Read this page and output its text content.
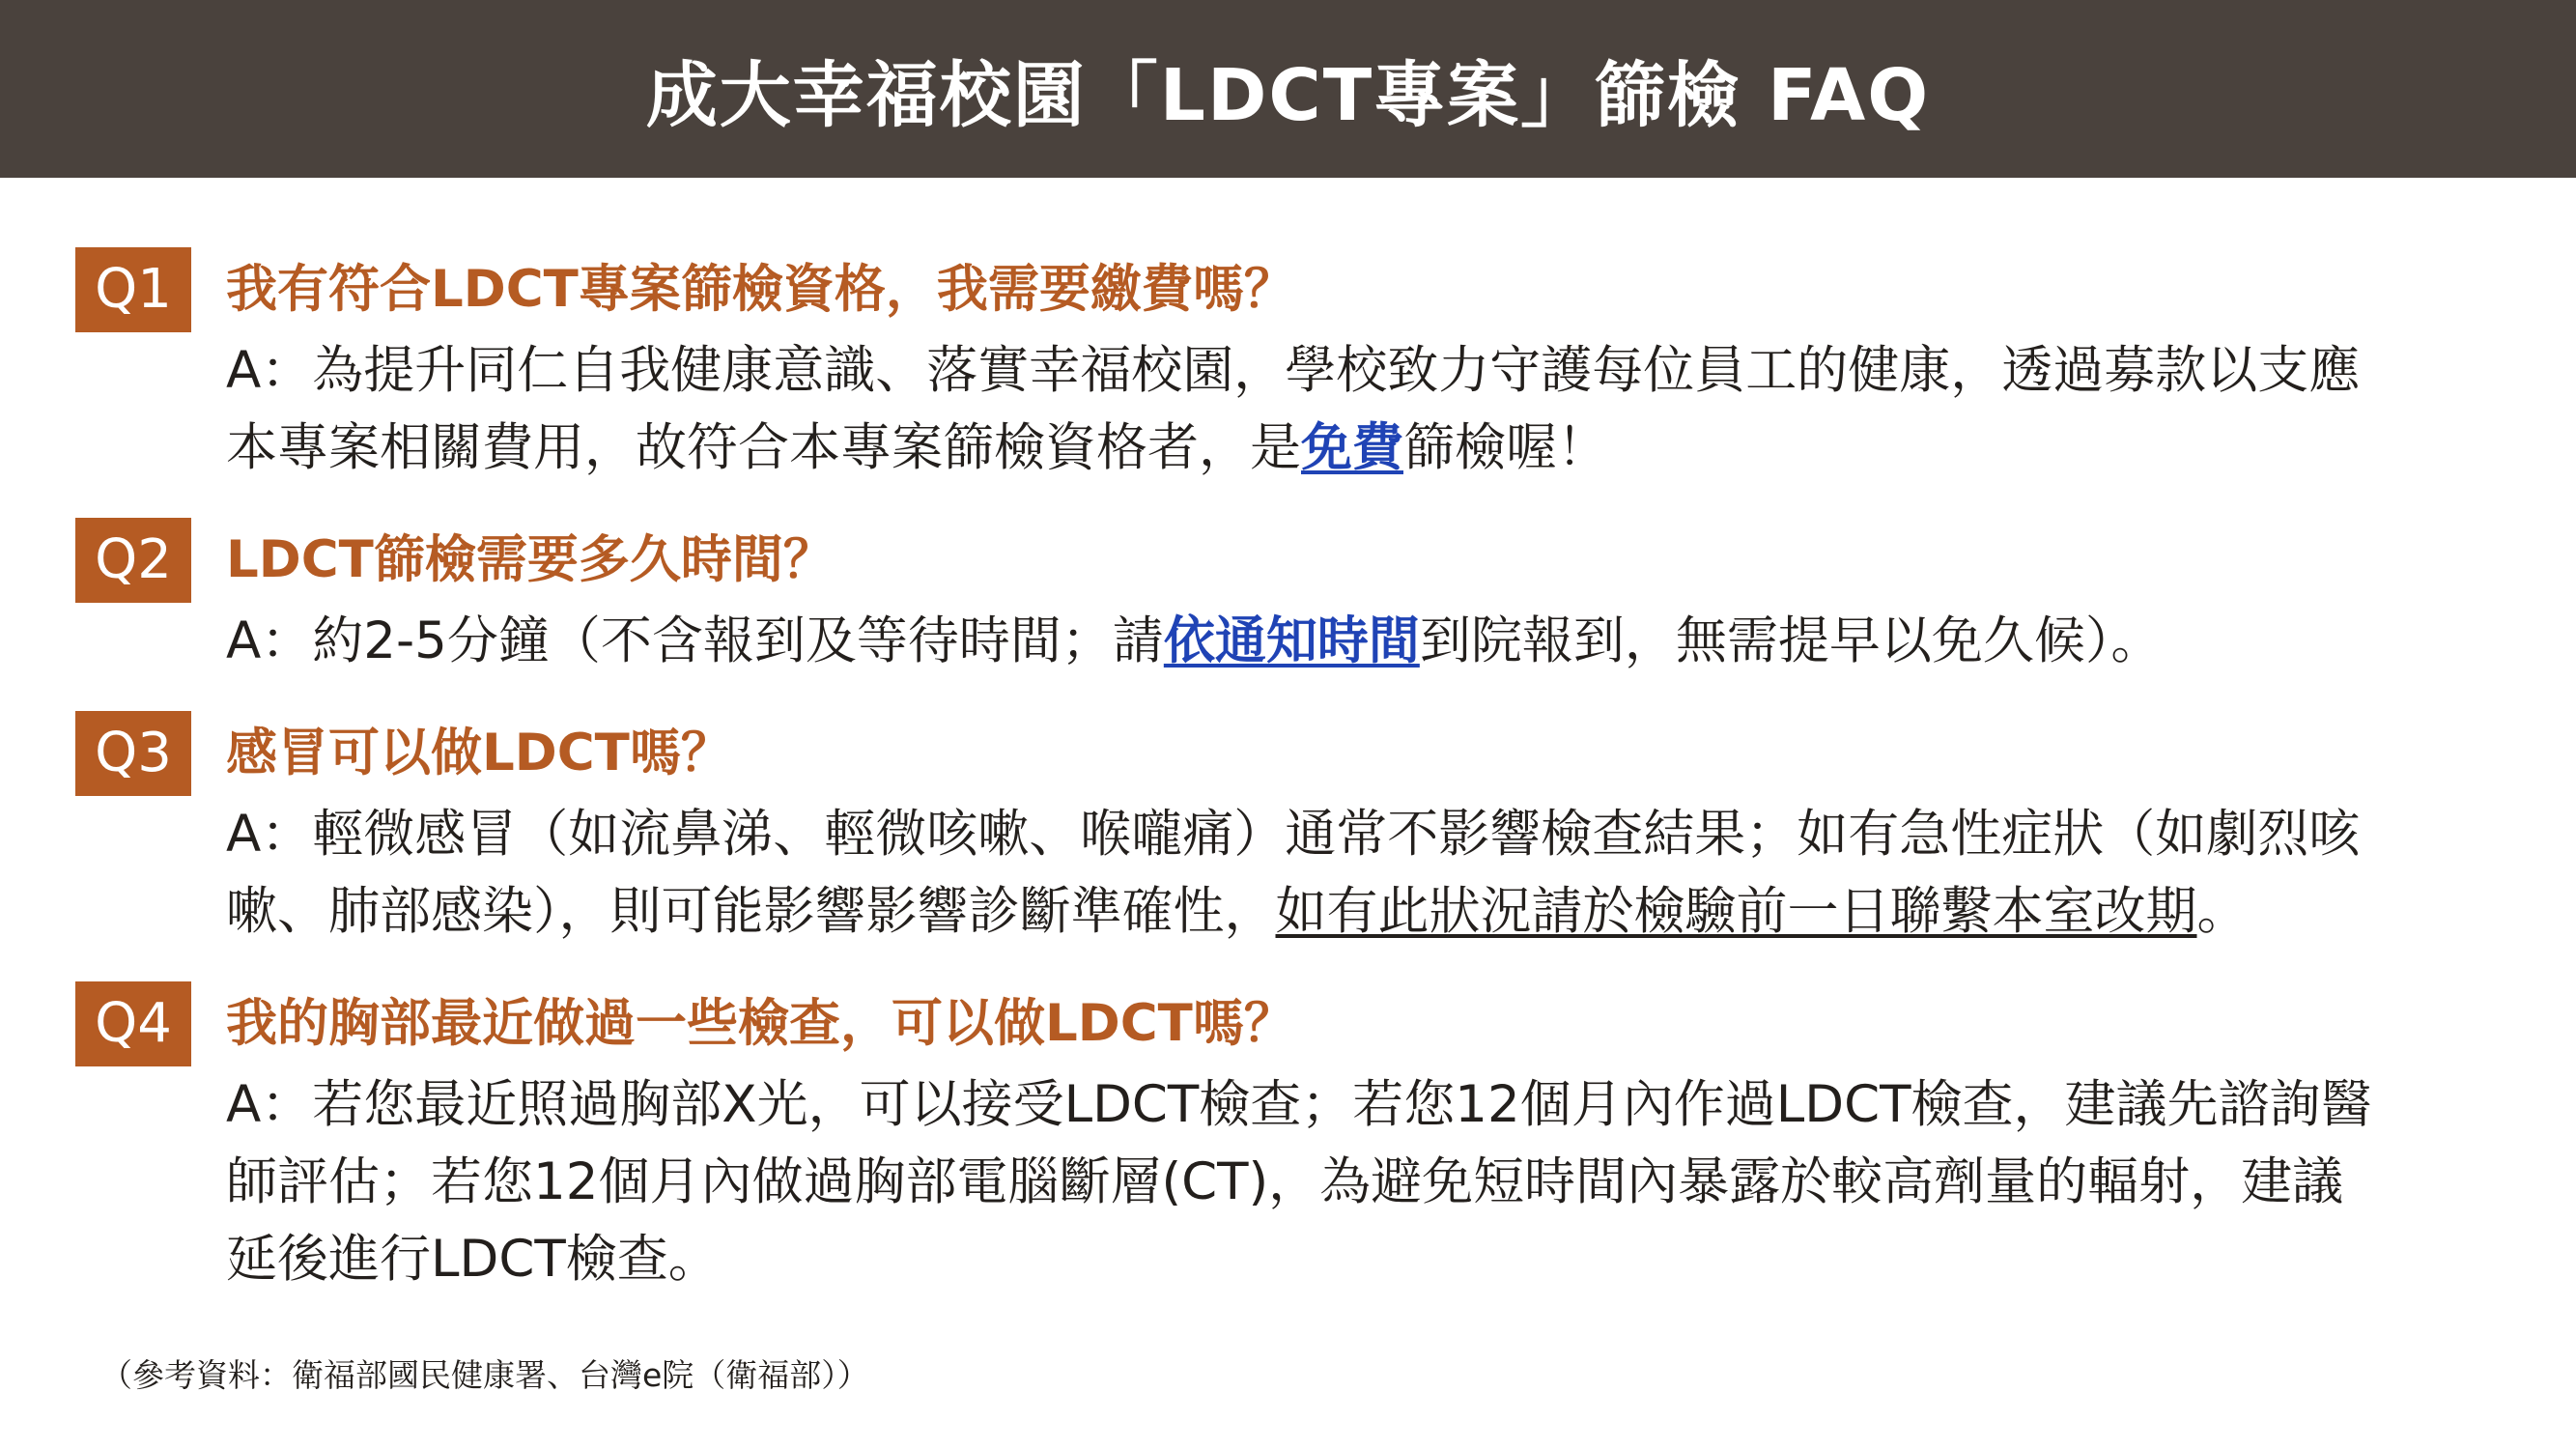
成大幸福校園「LDCT專案」篩檢 FAQ
Q1	我有符合LDCT專案篩檢資格，我需要繳費嗎？
A：為提升同仁自我健康意識、落實幸福校園，學校致力守護每位員工的健康，透過募款以支應
本專案相關費用，故符合本專案篩檢資格者，是免費篩檢喔！
Q2	LDCT篩檢需要多久時間？
A：約2-5分鐘（不含報到及等待時間；請依通知時間到院報到，無需提早以免久候）。
Q3	感冒可以做LDCT嗎？
A：輕微感冒（如流鼻涕、輕微咳嗽、喉嚨痛）通常不影響檢查結果；如有急性症狀（如劇烈咳
嗽、肺部感染），則可能影響影響診斷準確性，如有此狀況請於檢驗前一日聯繫本室改期。
Q4	我的胸部最近做過一些檢查，可以做LDCT嗎？
A：若您最近照過胸部X光，可以接受LDCT檢查；若您12個月內作過LDCT檢查，建議先諮詢醫
師評估；若您12個月內做過胸部電腦斷層(CT)，為避免短時間內暴露於較高劑量的輻射，建議
延後進行LDCT檢查。
（參考資料：衛福部國民健康署、台灣e院（衛福部））
